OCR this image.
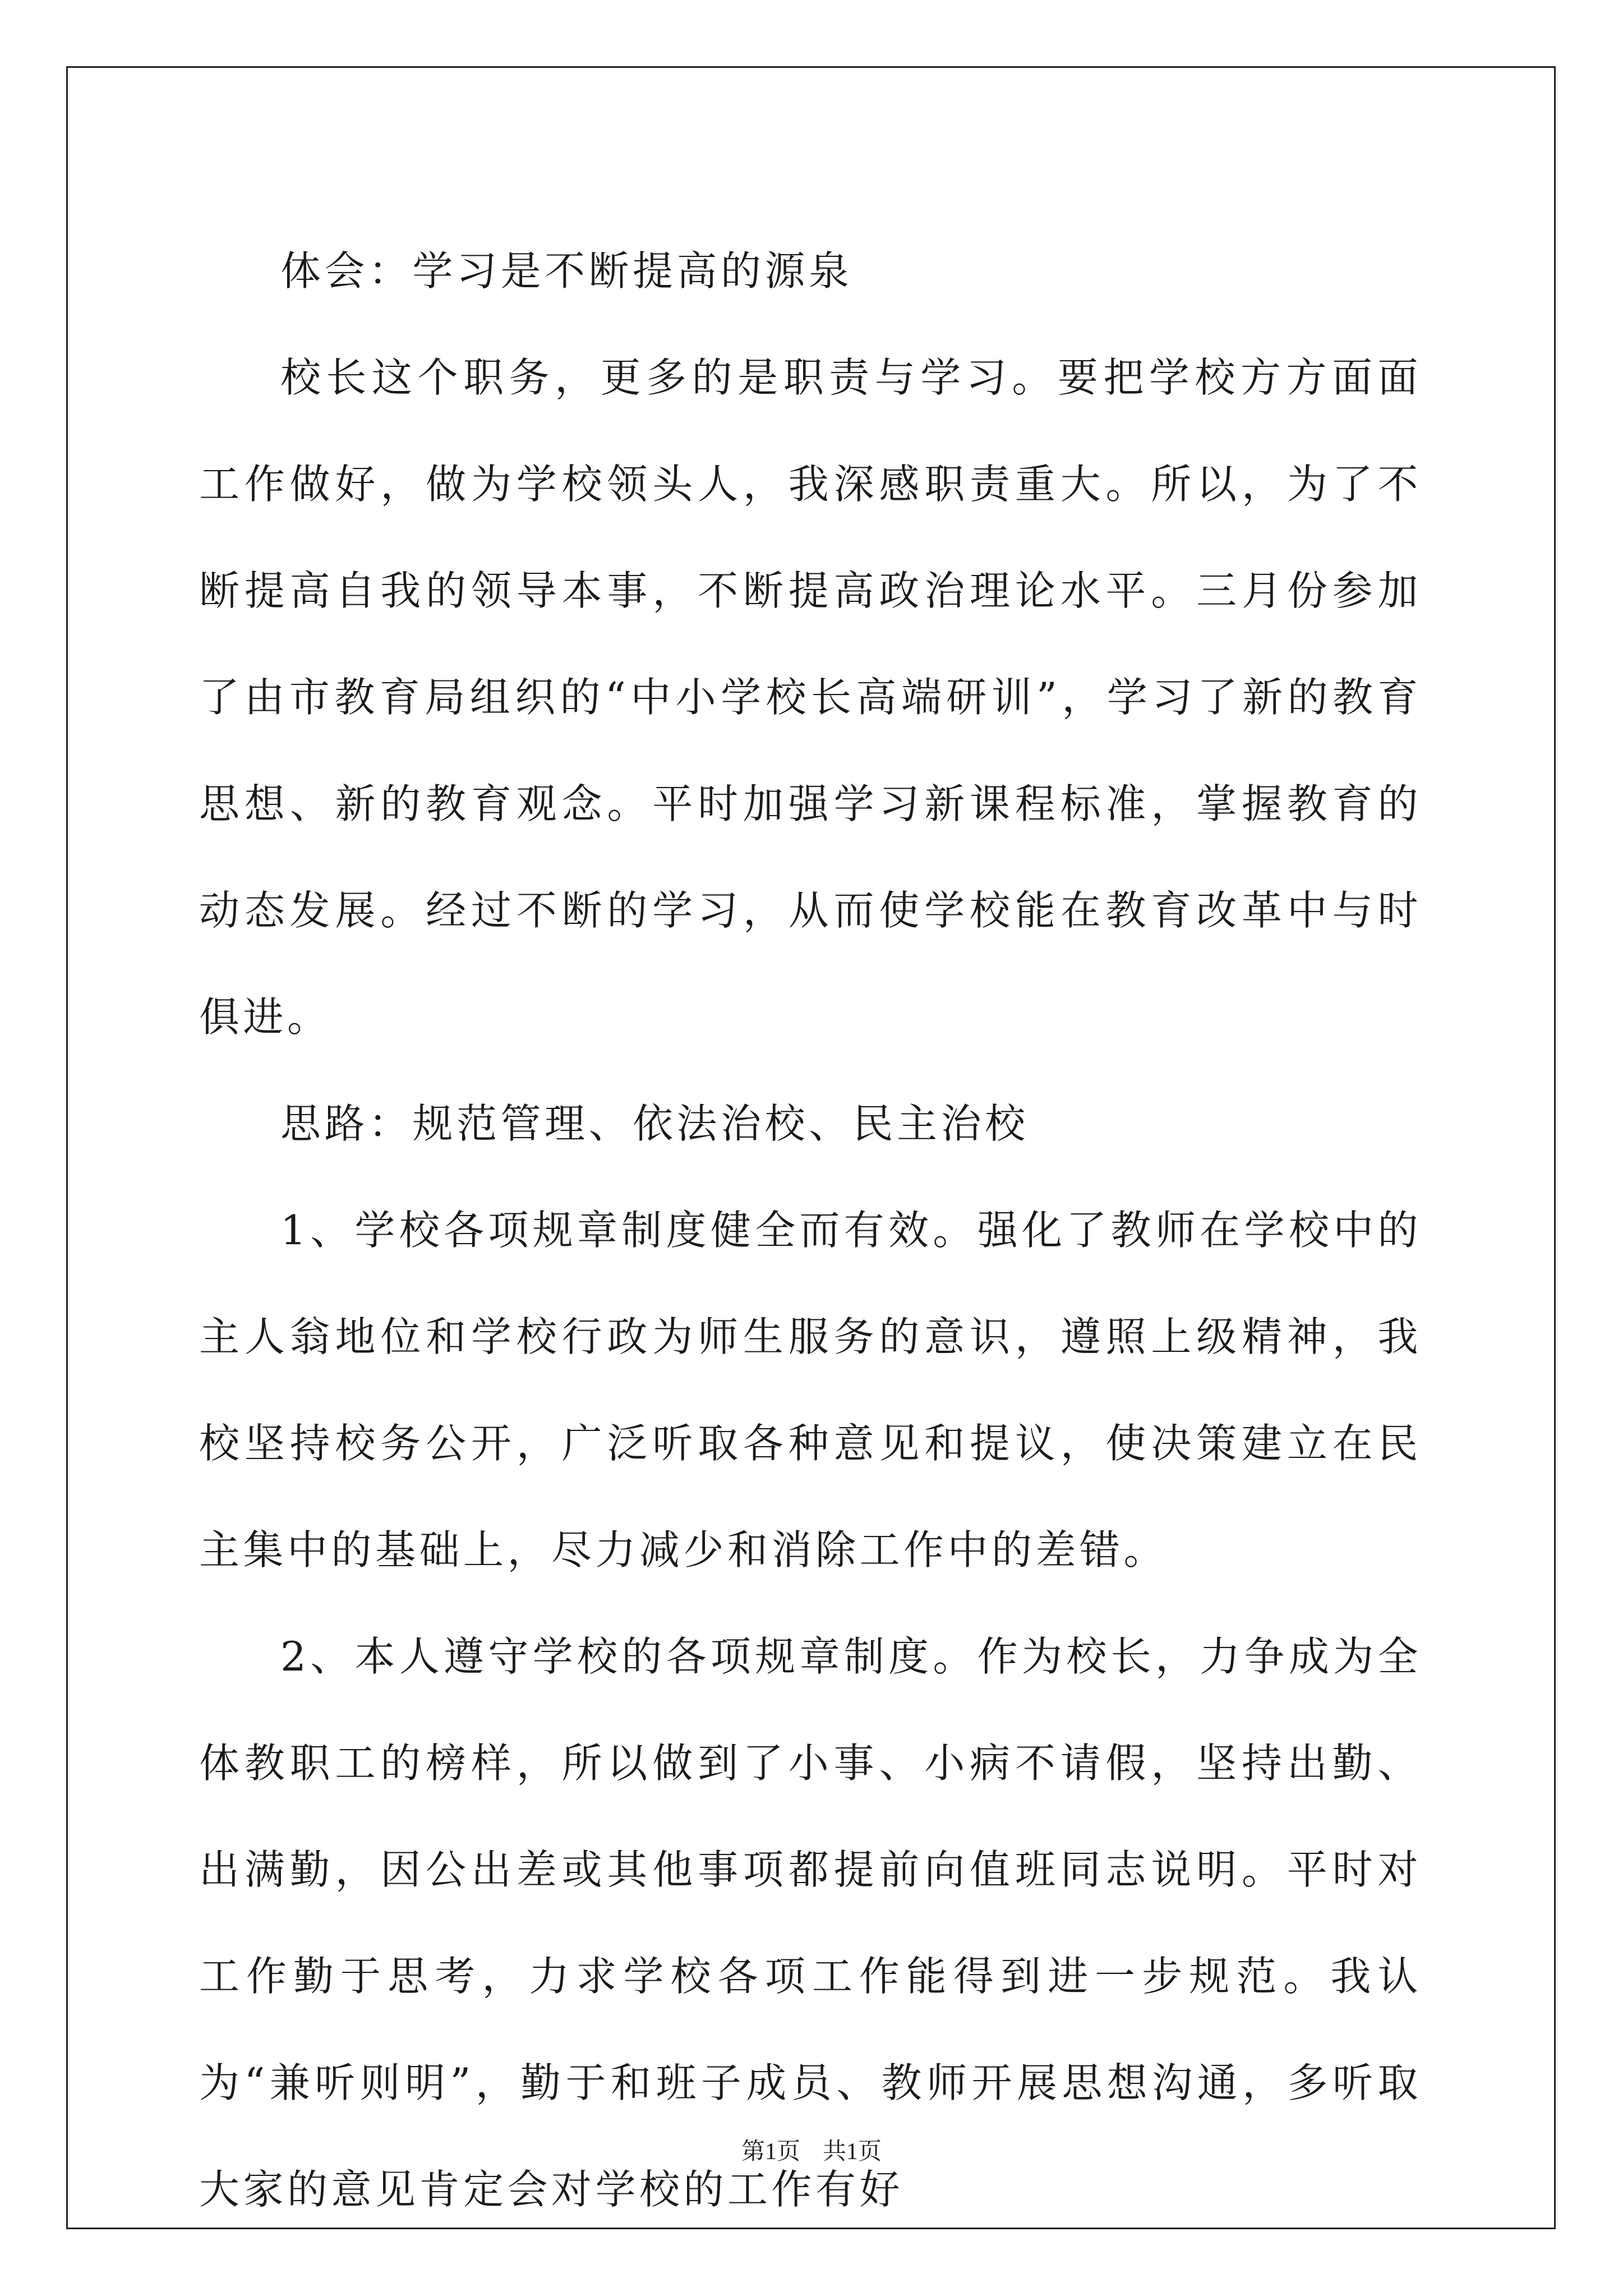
体会：学习是不断提高的源泉

校长这个职务，更多的是职责与学习。要把学校方方面面工作做好，做为学校领头人，我深感职责重大。所以，为了不断提高自我的领导本事，不断提高政治理论水平。三月份参加了由市教育局组织的“中小学校长高端研训”，学习了新的教育思想、新的教育观念。平时加强学习新课程标准，掌握教育的动态发展。经过不断的学习，从而使学校能在教育改革中与时俱进。

思路：规范管理、依法治校、民主治校

1、学校各项规章制度健全而有效。强化了教师在学校中的主人翁地位和学校行政为师生服务的意识，遵照上级精神，我校坚持校务公开，广泛听取各种意见和提议，使决策建立在民主集中的基础上，尽力减少和消除工作中的差错。

2、本人遵守学校的各项规章制度。作为校长，力争成为全体教职工的榜样，所以做到了小事、小病不请假，坚持出勤、出满勤，因公出差或其他事项都提前向值班同志说明。平时对工作勤于思考，力求学校各项工作能得到进一步规范。我认为“兼听则明”，勤于和班子成员、教师开展思想沟通，多听取大家的意见肯定会对学校的工作有好

第1页 共1页
